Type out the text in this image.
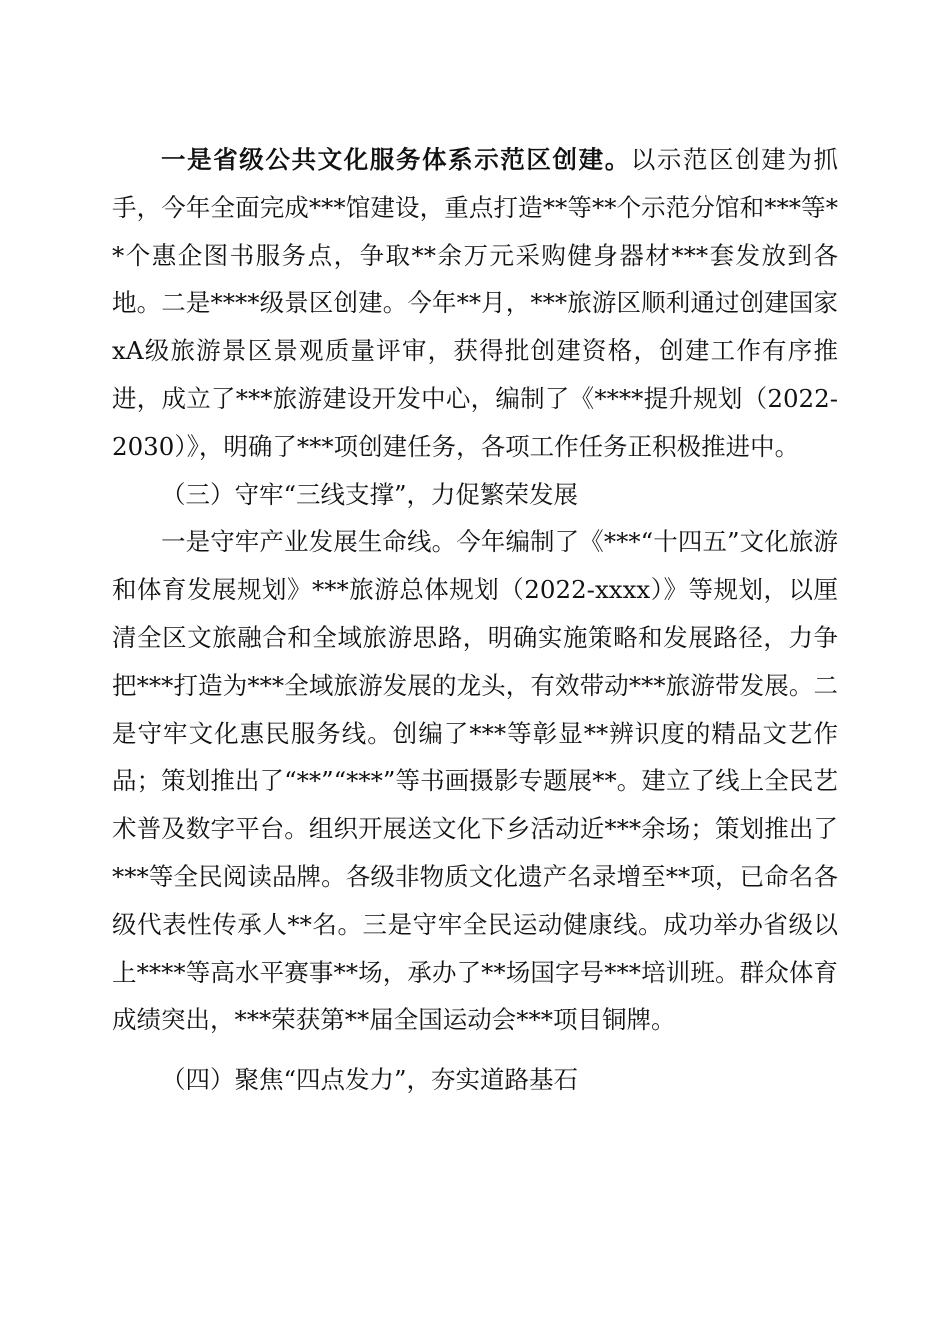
一是省级公共文化服务体系示范区创建。以示范区创建为抓手，今年全面完成***馆建设，重点打造**等**个示范分馆和***等**个惠企图书服务点，争取**余万元采购健身器材***套发放到各地。二是****级景区创建。今年**月，***旅游区顺利通过创建国家xA级旅游景区景观质量评审，获得批创建资格，创建工作有序推进，成立了***旅游建设开发中心，编制了《****提升规划（2022-2030）》，明确了***项创建任务，各项工作任务正积极推进中。

（三）守牢“三线支撑”，力促繁荣发展

一是守牢产业发展生命线。今年编制了《***“十四五”文化旅游和体育发展规划》***旅游总体规划（2022-xxxx）》等规划，以厘清全区文旅融合和全域旅游思路，明确实施策略和发展路径，力争把***打造为***全域旅游发展的龙头，有效带动***旅游带发展。二是守牢文化惠民服务线。创编了***等彰显**辨识度的精品文艺作品；策划推出了“**”“***”等书画摄影专题展**。建立了线上全民艺术普及数字平台。组织开展送文化下乡活动近***余场；策划推出了***等全民阅读品牌。各级非物质文化遗产名录增至**项，已命名各级代表性传承人**名。三是守牢全民运动健康线。成功举办省级以上****等高水平赛事**场，承办了**场国字号***培训班。群众体育成绩突出，***荣获第**届全国运动会***项目铜牌。

（四）聚焦“四点发力”，夯实道路基石
